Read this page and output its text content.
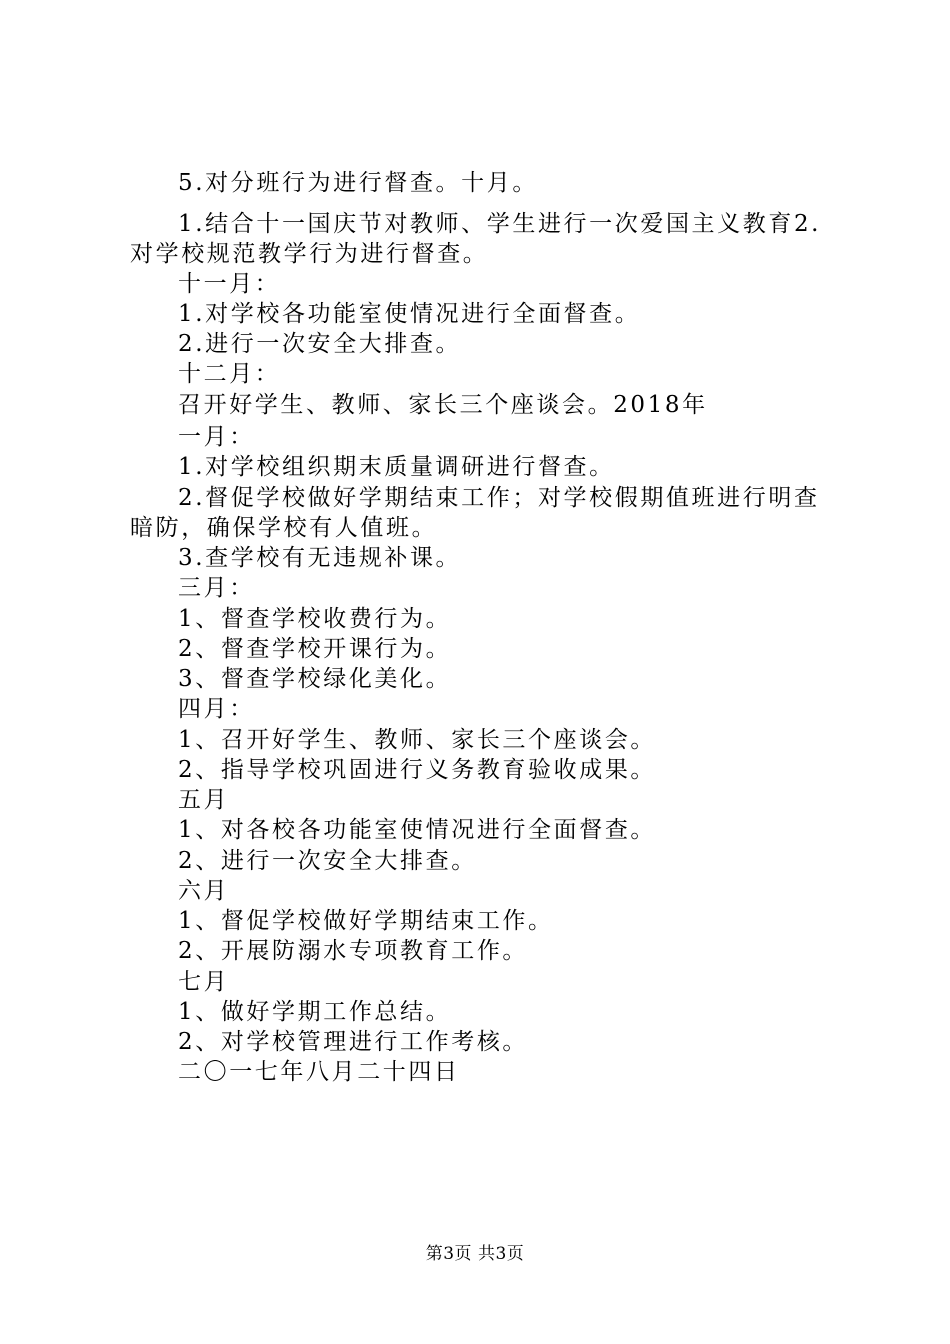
5.对分班行为进行督查。十月。
1.结合十一国庆节对教师、学生进行一次爱国主义教育2.
对学校规范教学行为进行督查。
十一月：
1.对学校各功能室使情况进行全面督查。
2.进行一次安全大排查。
十二月：
召开好学生、教师、家长三个座谈会。2018年
一月：
1.对学校组织期末质量调研进行督查。
2.督促学校做好学期结束工作；对学校假期值班进行明查
暗防，确保学校有人值班。
3.查学校有无违规补课。
三月：
1、督查学校收费行为。
2、督查学校开课行为。
3、督查学校绿化美化。
四月：
1、召开好学生、教师、家长三个座谈会。
2、指导学校巩固进行义务教育验收成果。
五月
1、对各校各功能室使情况进行全面督查。
2、进行一次安全大排查。
六月
1、督促学校做好学期结束工作。
2、开展防溺水专项教育工作。
七月
1、做好学期工作总结。
2、对学校管理进行工作考核。
二〇一七年八月二十四日
第3页 共3页
